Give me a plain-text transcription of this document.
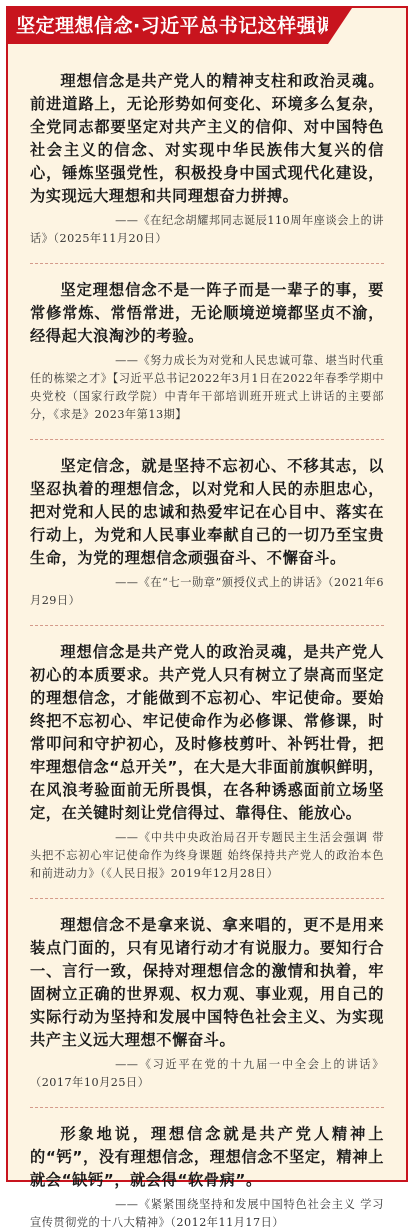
坚定理想信念·习近平总书记这样强调

理想信念是共产党人的精神支柱和政治灵魂。前进道路上，无论形势如何变化、环境多么复杂，全党同志都要坚定对共产主义的信仰、对中国特色社会主义的信念、对实现中华民族伟大复兴的信心，锤炼坚强党性，积极投身中国式现代化建设，为实现远大理想和共同理想奋力拼搏。

——《在纪念胡耀邦同志诞辰110周年座谈会上的讲话》（2025年11月20日）

坚定理想信念不是一阵子而是一辈子的事，要常修常炼、常悟常进，无论顺境逆境都坚贞不渝，经得起大浪淘沙的考验。

——《努力成长为对党和人民忠诚可靠、堪当时代重任的栋梁之才》【习近平总书记2022年3月1日在2022年春季学期中央党校（国家行政学院）中青年干部培训班开班式上讲话的主要部分，《求是》2023年第13期】

坚定信念，就是坚持不忘初心、不移其志，以坚忍执着的理想信念，以对党和人民的赤胆忠心，把对党和人民的忠诚和热爱牢记在心目中、落实在行动上，为党和人民事业奉献自己的一切乃至宝贵生命，为党的理想信念顽强奋斗、不懈奋斗。

——《在“七一勋章”颁授仪式上的讲话》（2021年6月29日）

理想信念是共产党人的政治灵魂，是共产党人初心的本质要求。共产党人只有树立了崇高而坚定的理想信念，才能做到不忘初心、牢记使命。要始终把不忘初心、牢记使命作为必修课、常修课，时常叩问和守护初心，及时修枝剪叶、补钙壮骨，把牢理想信念“总开关”，在大是大非面前旗帜鲜明，在风浪考验面前无所畏惧，在各种诱惑面前立场坚定，在关键时刻让党信得过、靠得住、能放心。

——《中共中央政治局召开专题民主生活会强调 带头把不忘初心牢记使命作为终身课题 始终保持共产党人的政治本色和前进动力》（《人民日报》2019年12月28日）

理想信念不是拿来说、拿来唱的，更不是用来装点门面的，只有见诸行动才有说服力。要知行合一、言行一致，保持对理想信念的激情和执着，牢固树立正确的世界观、权力观、事业观，用自己的实际行动为坚持和发展中国特色社会主义、为实现共产主义远大理想不懈奋斗。

——《习近平在党的十九届一中全会上的讲话》（2017年10月25日）

形象地说，理想信念就是共产党人精神上的“钙”，没有理想信念，理想信念不坚定，精神上就会“缺钙”，就会得“软骨病”。

——《紧紧围绕坚持和发展中国特色社会主义 学习宣传贯彻党的十八大精神》（2012年11月17日）
